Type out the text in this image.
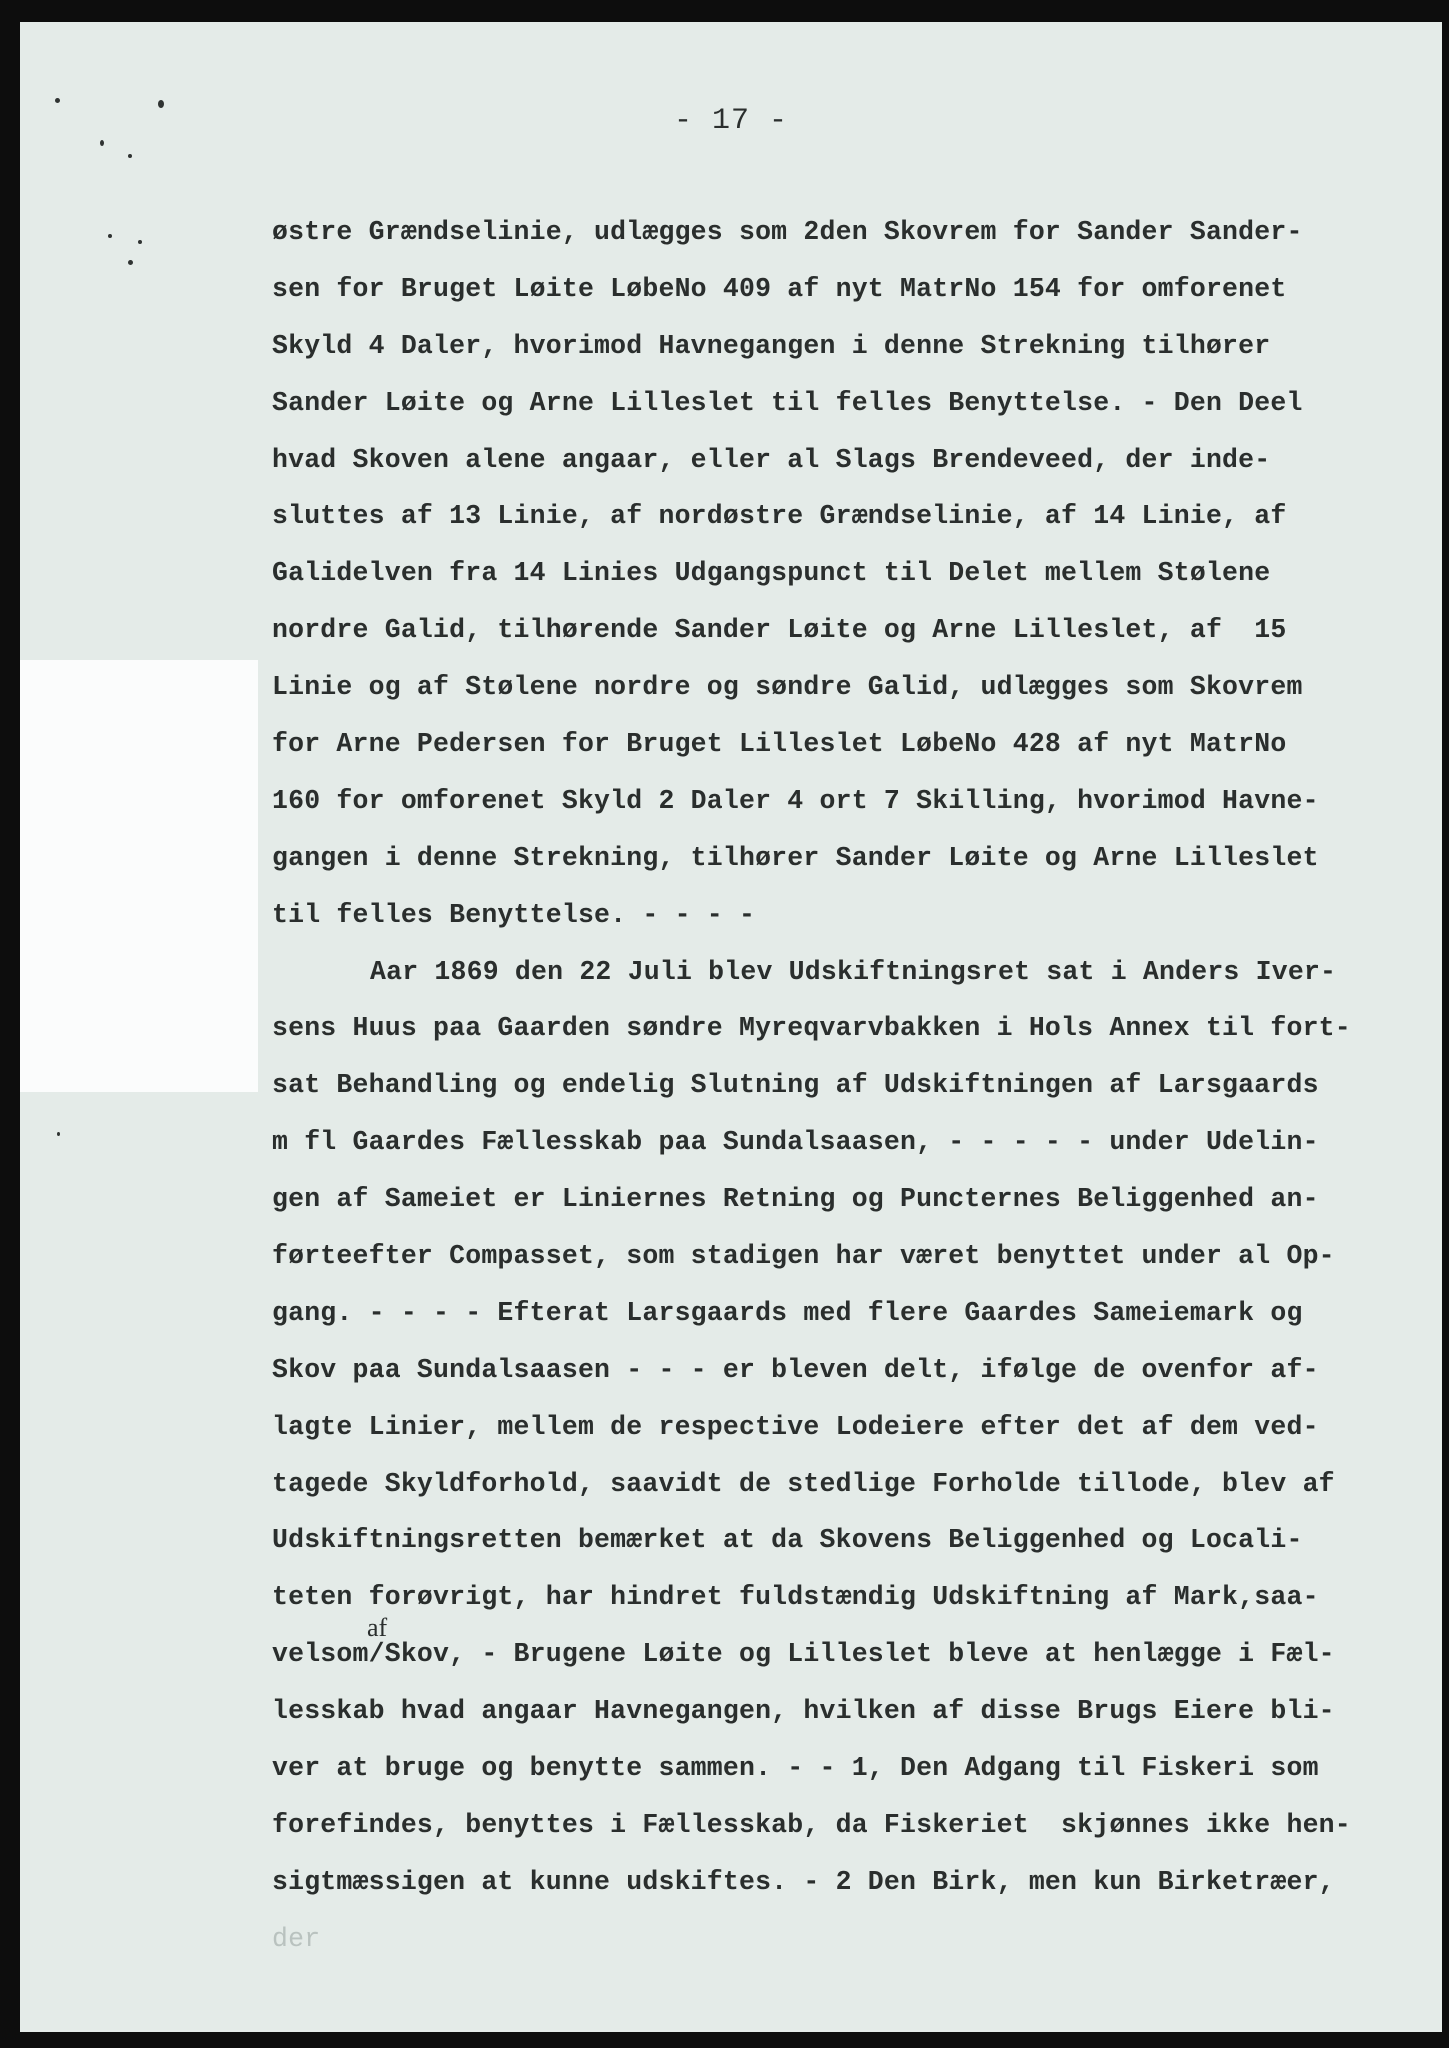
- 17 -
af
østre Grændselinie, udlægges som 2den Skovrem for Sander Sander-
sen for Bruget Løite LøbeNo 409 af nyt MatrNo 154 for omforenet
Skyld 4 Daler, hvorimod Havnegangen i denne Strekning tilhører
Sander Løite og Arne Lilleslet til felles Benyttelse. - Den Deel
hvad Skoven alene angaar, eller al Slags Brendeveed, der inde-
sluttes af 13 Linie, af nordøstre Grændselinie, af 14 Linie, af
Galidelven fra 14 Linies Udgangspunct til Delet mellem Stølene
nordre Galid, tilhørende Sander Løite og Arne Lilleslet, af  15
Linie og af Stølene nordre og søndre Galid, udlægges som Skovrem
for Arne Pedersen for Bruget Lilleslet LøbeNo 428 af nyt MatrNo
160 for omforenet Skyld 2 Daler 4 ort 7 Skilling, hvorimod Havne-
gangen i denne Strekning, tilhører Sander Løite og Arne Lilleslet
til felles Benyttelse. - - - -
Aar 1869 den 22 Juli blev Udskiftningsret sat i Anders Iver-
sens Huus paa Gaarden søndre Myreqvarvbakken i Hols Annex til fort-
sat Behandling og endelig Slutning af Udskiftningen af Larsgaards
m fl Gaardes Fællesskab paa Sundalsaasen, - - - - - under Udelin-
gen af Sameiet er Liniernes Retning og Puncternes Beliggenhed an-
førteefter Compasset, som stadigen har været benyttet under al Op-
gang. - - - - Efterat Larsgaards med flere Gaardes Sameiemark og
Skov paa Sundalsaasen - - - er bleven delt, ifølge de ovenfor af-
lagte Linier, mellem de respective Lodeiere efter det af dem ved-
tagede Skyldforhold, saavidt de stedlige Forholde tillode, blev af
Udskiftningsretten bemærket at da Skovens Beliggenhed og Locali-
teten forøvrigt, har hindret fuldstændig Udskiftning af Mark,saa-
velsom/Skov, - Brugene Løite og Lilleslet bleve at henlægge i Fæl-
lesskab hvad angaar Havnegangen, hvilken af disse Brugs Eiere bli-
ver at bruge og benytte sammen. - - 1, Den Adgang til Fiskeri som
forefindes, benyttes i Fællesskab, da Fiskeriet  skjønnes ikke hen-
sigtmæssigen at kunne udskiftes. - 2 Den Birk, men kun Birketræer,
der
